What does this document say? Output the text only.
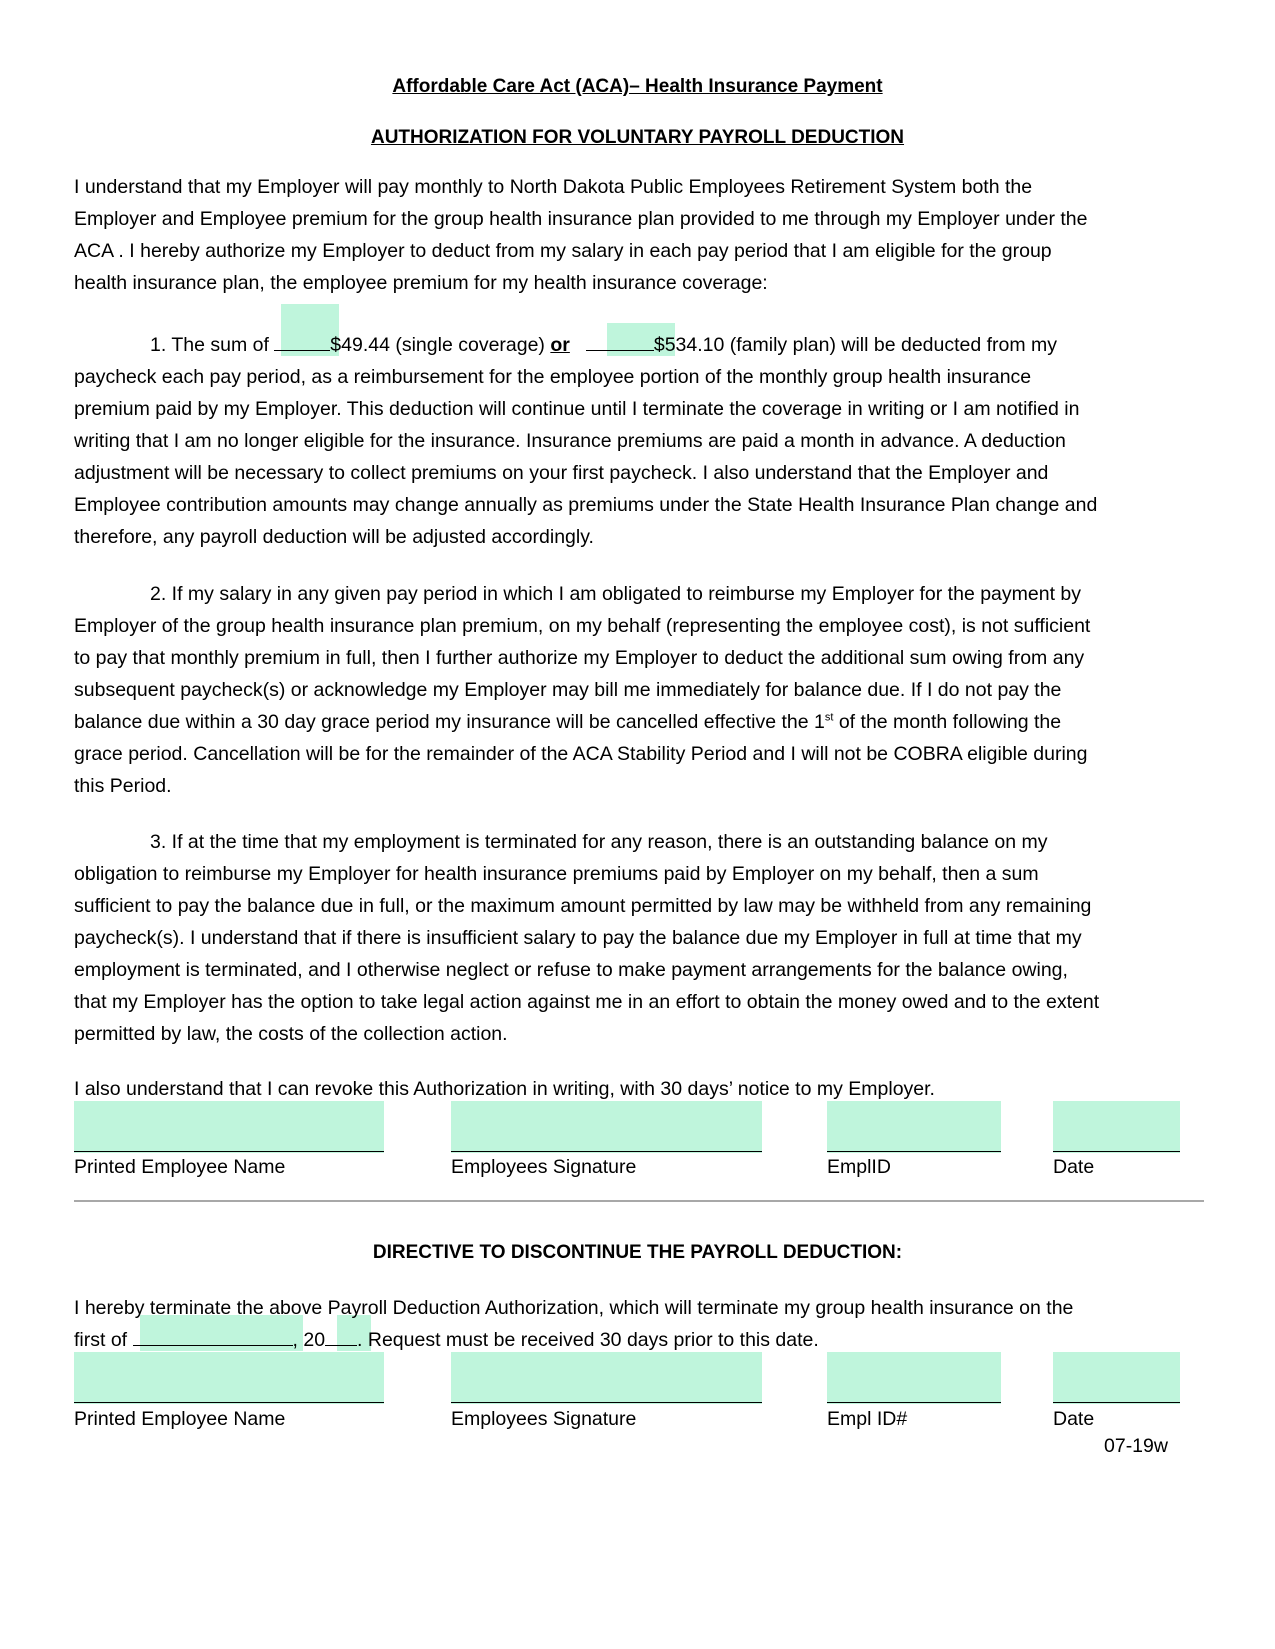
Affordable Care Act (ACA)– Health Insurance Payment
AUTHORIZATION FOR VOLUNTARY PAYROLL DEDUCTION
I understand that my Employer will pay monthly to North Dakota Public Employees Retirement System both the
Employer and Employee premium for the group health insurance plan provided to me through my Employer under the
ACA . I hereby authorize my Employer to deduct from my salary in each pay period that I am eligible for the group
health insurance plan, the employee premium for my health insurance coverage:
1. The sum of	$49.44 (single coverage) or	$534.10 (family plan) will be deducted from my
paycheck each pay period, as a reimbursement for the employee portion of the monthly group health insurance
premium paid by my Employer. This deduction will continue until I terminate the coverage in writing or I am notified in
writing that I am no longer eligible for the insurance. Insurance premiums are paid a month in advance. A deduction
adjustment will be necessary to collect premiums on your first paycheck. I also understand that the Employer and
Employee contribution amounts may change annually as premiums under the State Health Insurance Plan change and
therefore, any payroll deduction will be adjusted accordingly.
2. If my salary in any given pay period in which I am obligated to reimburse my Employer for the payment by
Employer of the group health insurance plan premium, on my behalf (representing the employee cost), is not sufficient
to pay that monthly premium in full, then I further authorize my Employer to deduct the additional sum owing from any
subsequent paycheck(s) or acknowledge my Employer may bill me immediately for balance due. If I do not pay the
balance due within a 30 day grace period my insurance will be cancelled effective the 1st of the month following the
grace period. Cancellation will be for the remainder of the ACA Stability Period and I will not be COBRA eligible during
this Period.
3. If at the time that my employment is terminated for any reason, there is an outstanding balance on my
obligation to reimburse my Employer for health insurance premiums paid by Employer on my behalf, then a sum
sufficient to pay the balance due in full, or the maximum amount permitted by law may be withheld from any remaining
paycheck(s). I understand that if there is insufficient salary to pay the balance due my Employer in full at time that my
employment is terminated, and I otherwise neglect or refuse to make payment arrangements for the balance owing,
that my Employer has the option to take legal action against me in an effort to obtain the money owed and to the extent
permitted by law, the costs of the collection action.
I also understand that I can revoke this Authorization in writing, with 30 days’ notice to my Employer.
Printed Employee Name	Employees Signature	EmplID	Date
DIRECTIVE TO DISCONTINUE THE PAYROLL DEDUCTION:
I hereby terminate the above Payroll Deduction Authorization, which will terminate my group health insurance on the
first of	, 20 . Request must be received 30 days prior to this date.
Printed Employee Name	Employees Signature	Empl ID#	Date
07-19w
